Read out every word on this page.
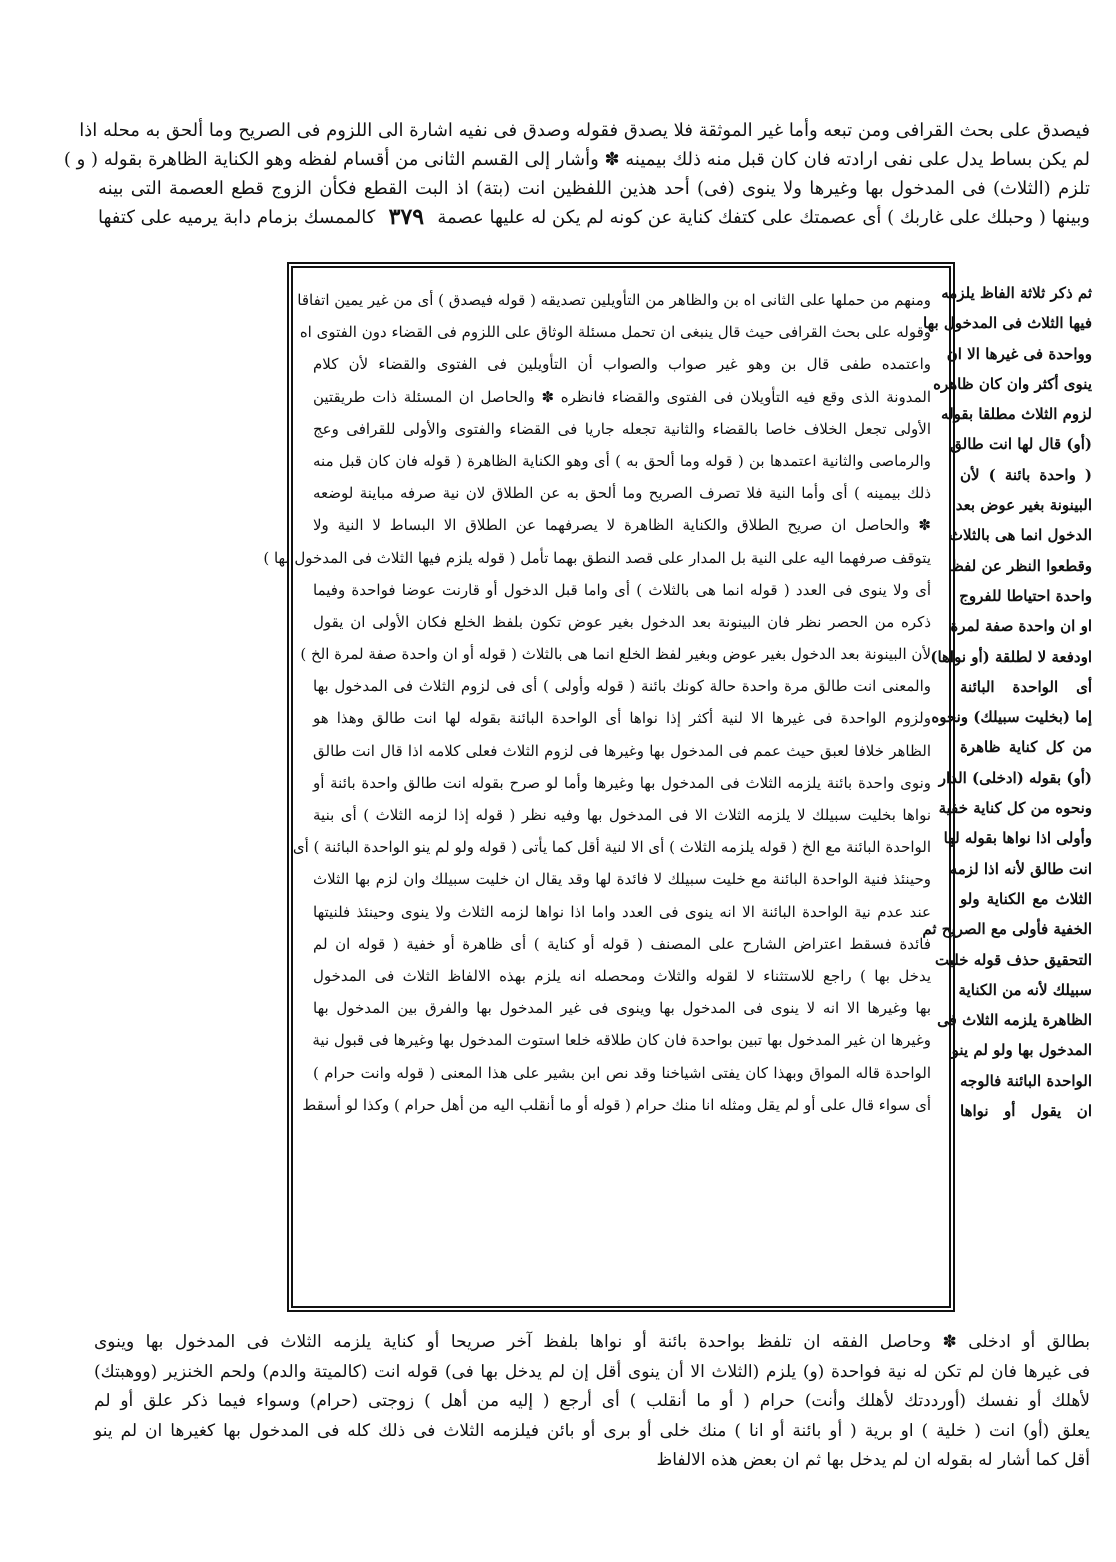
فيصدق على بحث القرافى ومن تبعه وأما غير الموثقة فلا يصدق فقوله وصدق فى نفيه اشارة الى اللزوم فى الصريح وما ألحق به محله اذا
لم يكن بساط يدل على نفى ارادته فان كان قبل منه ذلك بيمينه ✽ وأشار إلى القسم الثانى من أقسام لفظه وهو الكناية الظاهرة بقوله ( و )
تلزم (الثلاث) فى المدخول بها وغيرها ولا ينوى (فى) أحد هذين اللفظين انت (بتة) اذ البت القطع فكأن الزوج قطع العصمة التى بينه
وبينها ( وحبلك على غاربك ) أى عصمتك على كتفك كناية عن كونه لم يكن له عليها عصمة
٣٧٩
كالممسك بزمام دابة يرميه على كتفها
ومنهم من حملها على الثانى اه بن والظاهر من التأويلين تصديقه ( قوله فيصدق ) أى من غير يمين اتفاقا
وقوله على بحث القرافى حيث قال ينبغى ان تحمل مسئلة الوثاق على اللزوم فى القضاء دون الفتوى اه
واعتمده طفى قال بن وهو غير صواب والصواب أن التأويلين فى الفتوى والقضاء لأن كلام
المدونة الذى وقع فيه التأويلان فى الفتوى والقضاء فانظره ✽ والحاصل ان المسئلة ذات طريقتين
الأولى تجعل الخلاف خاصا بالقضاء والثانية تجعله جاريا فى القضاء والفتوى والأولى للقرافى وعج
والرماصى والثانية اعتمدها بن ( قوله وما ألحق به ) أى وهو الكناية الظاهرة ( قوله فان كان قبل منه
ذلك بيمينه ) أى وأما النية فلا تصرف الصريح وما ألحق به عن الطلاق لان نية صرفه مباينة لوضعه
✽ والحاصل ان صريح الطلاق والكناية الظاهرة لا يصرفهما عن الطلاق الا البساط لا النية ولا
يتوقف صرفهما اليه على النية بل المدار على قصد النطق بهما تأمل ( قوله يلزم فيها الثلاث فى المدخول بها )
أى ولا ينوى فى العدد ( قوله انما هى بالثلاث ) أى واما قبل الدخول أو قارنت عوضا فواحدة وفيما
ذكره من الحصر نظر فان البينونة بعد الدخول بغير عوض تكون بلفظ الخلع فكان الأولى ان يقول
لأن البينونة بعد الدخول بغير عوض وبغير لفظ الخلع انما هى بالثلاث ( قوله أو ان واحدة صفة لمرة الخ )
والمعنى انت طالق مرة واحدة حالة كونك بائنة ( قوله وأولى ) أى فى لزوم الثلاث فى المدخول بها
ولزوم الواحدة فى غيرها الا لنية أكثر إذا نواها أى الواحدة البائنة بقوله لها انت طالق وهذا هو
الظاهر خلافا لعبق حيث عمم فى المدخول بها وغيرها فى لزوم الثلاث فعلى كلامه اذا قال انت طالق
ونوى واحدة بائنة يلزمه الثلاث فى المدخول بها وغيرها وأما لو صرح بقوله انت طالق واحدة بائنة أو
نواها بخليت سبيلك لا يلزمه الثلاث الا فى المدخول بها وفيه نظر ( قوله إذا لزمه الثلاث ) أى بنية
الواحدة البائنة مع الخ ( قوله يلزمه الثلاث ) أى الا لنية أقل كما يأتى ( قوله ولو لم ينو الواحدة البائنة ) أى
وحينئذ فنية الواحدة البائنة مع خليت سبيلك لا فائدة لها وقد يقال ان خليت سبيلك وان لزم بها الثلاث
عند عدم نية الواحدة البائنة الا انه ينوى فى العدد واما اذا نواها لزمه الثلاث ولا ينوى وحينئذ فلنيتها
فائدة فسقط اعتراض الشارح على المصنف ( قوله أو كناية ) أى ظاهرة أو خفية ( قوله ان لم
يدخل بها ) راجع للاستثناء لا لقوله والثلاث ومحصله انه يلزم بهذه الالفاظ الثلاث فى المدخول
بها وغيرها الا انه لا ينوى فى المدخول بها وينوى فى غير المدخول بها والفرق بين المدخول بها
وغيرها ان غير المدخول بها تبين بواحدة فان كان طلاقه خلعا استوت المدخول بها وغيرها فى قبول نية
الواحدة قاله المواق وبهذا كان يفتى اشياخنا وقد نص ابن بشير على هذا المعنى ( قوله وانت حرام )
أى سواء قال على أو لم يقل ومثله انا منك حرام ( قوله أو ما أنقلب اليه من أهل حرام ) وكذا لو أسقط
ثم ذكر ثلاثة الفاظ يلزمه
فيها الثلاث فى المدخول بها
وواحدة فى غيرها الا ان
ينوى أكثر وان كان ظاهره
لزوم الثلاث مطلقا بقوله
(أو) قال لها انت طالق
( واحدة بائنة ) لأن
البينونة بغير عوض بعد
الدخول انما هى بالثلاث
وقطعوا النظر عن لفظ
واحدة احتياطا للفروج
او ان واحدة صفة لمرة
اودفعة لا لطلقة (أو نواها)
أى الواحدة البائنة
إما (بخليت سبيلك) ونحوه
من كل كناية ظاهرة
(أو) بقوله (ادخلى) الدار
ونحوه من كل كناية خفية
وأولى اذا نواها بقوله لها
انت طالق لأنه اذا لزمه
الثلاث مع الكناية ولو
الخفية فأولى مع الصريح ثم
التحقيق حذف قوله خليت
سبيلك لأنه من الكناية
الظاهرة يلزمه الثلاث فى
المدخول بها ولو لم ينو
الواحدة البائنة فالوجه
ان يقول أو نواها
بطالق أو ادخلى ✽ وحاصل الفقه ان تلفظ بواحدة بائنة أو نواها بلفظ آخر صريحا أو كناية يلزمه الثلاث فى المدخول بها وينوى
فى غيرها فان لم تكن له نية فواحدة (و) يلزم (الثلاث الا أن ينوى أقل إن لم يدخل بها فى) قوله انت (كالميتة والدم) ولحم الخنزير (ووهبتك)
لأهلك أو نفسك (أورددتك لأهلك وأنت) حرام ( أو ما أنقلب ) أى أرجع ( إليه من أهل ) زوجتى (حرام) وسواء فيما ذكر علق أو لم
يعلق (أو) انت ( خلية ) او برية ( أو بائنة أو انا ) منك خلى أو برى أو بائن فيلزمه الثلاث فى ذلك كله فى المدخول بها كغيرها ان لم ينو
أقل كما أشار له بقوله ان لم يدخل بها ثم ان بعض هذه الالفاظ
